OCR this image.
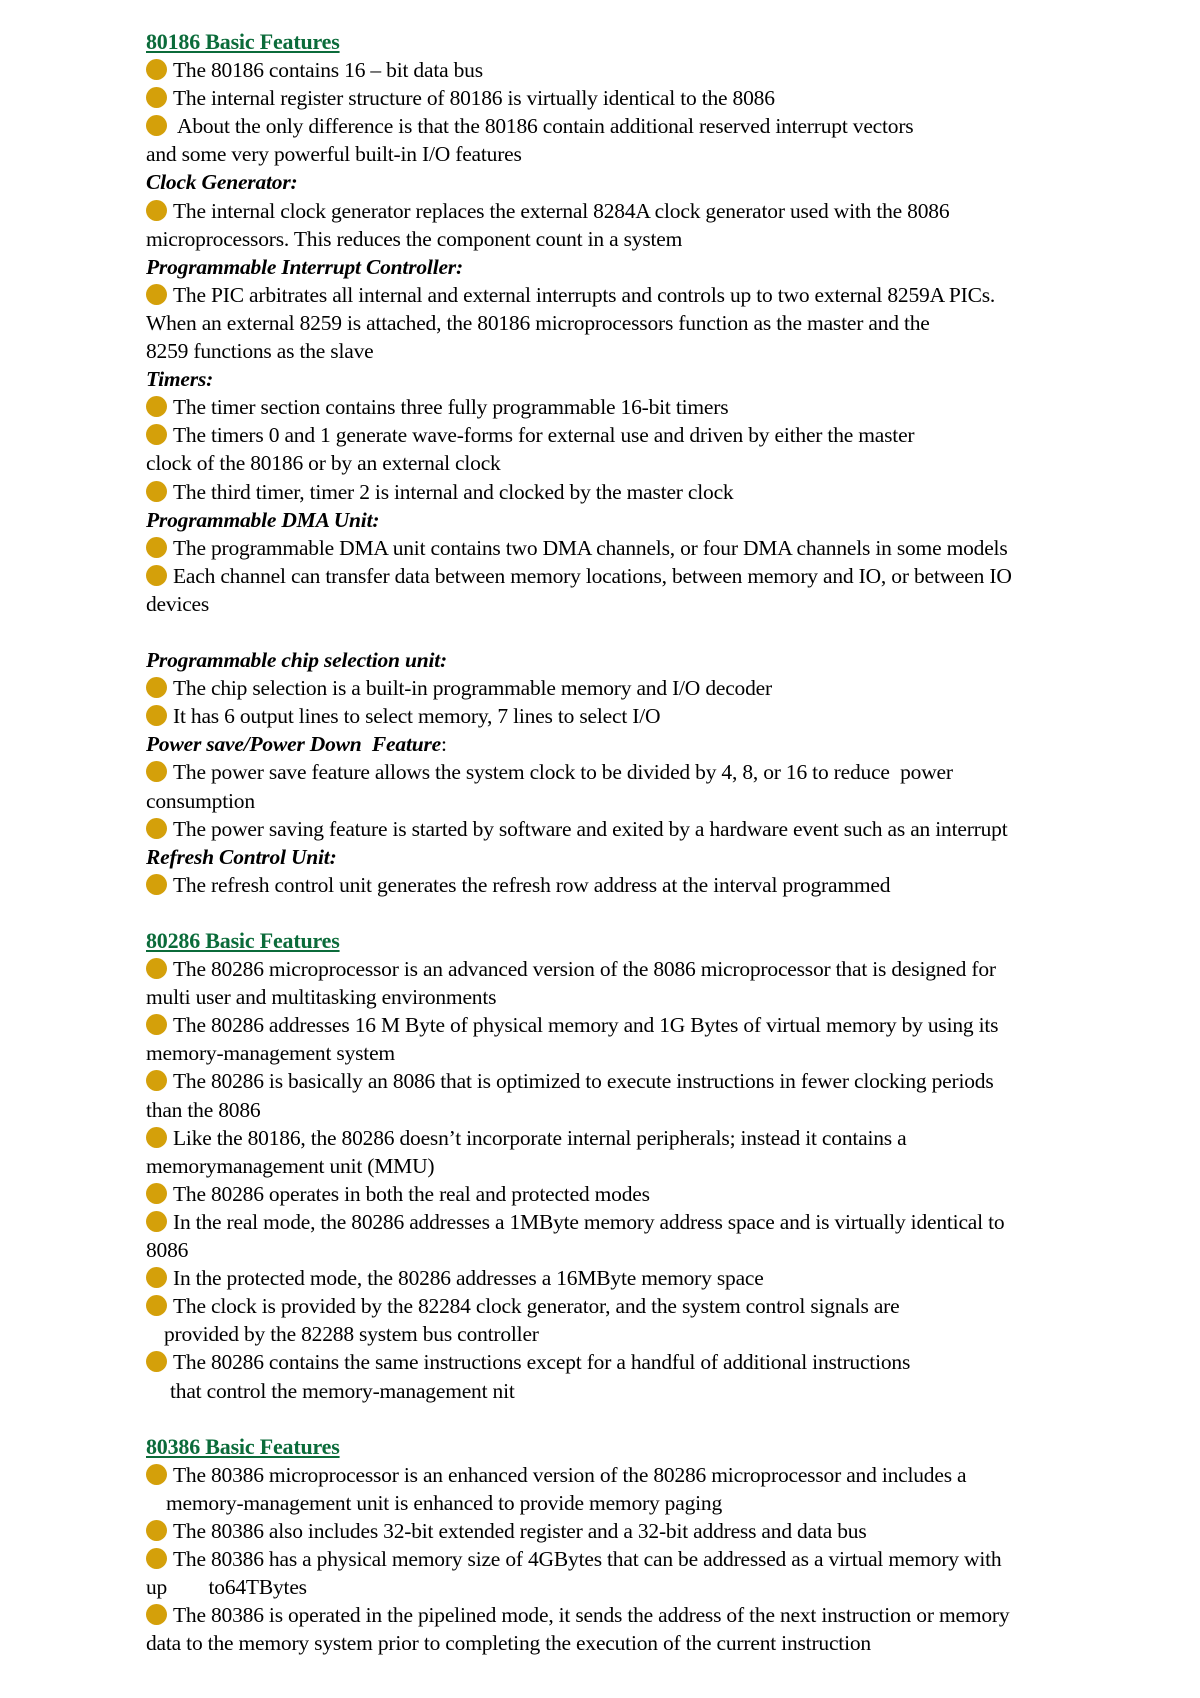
80186 Basic Features
The 80186 contains 16 – bit data bus
The internal register structure of 80186 is virtually identical to the 8086
About the only difference is that the 80186 contain additional reserved interrupt vectors
and some very powerful built-in I/O features
Clock Generator:
The internal clock generator replaces the external 8284A clock generator used with the 8086
microprocessors. This reduces the component count in a system
Programmable Interrupt Controller:
The PIC arbitrates all internal and external interrupts and controls up to two external 8259A PICs.
When an external 8259 is attached, the 80186 microprocessors function as the master and the
8259 functions as the slave
Timers:
The timer section contains three fully programmable 16-bit timers
The timers 0 and 1 generate wave-forms for external use and driven by either the master
clock of the 80186 or by an external clock
The third timer, timer 2 is internal and clocked by the master clock
Programmable DMA Unit:
The programmable DMA unit contains two DMA channels, or four DMA channels in some models
Each channel can transfer data between memory locations, between memory and IO, or between IO
devices
Programmable chip selection unit:
The chip selection is a built-in programmable memory and I/O decoder
It has 6 output lines to select memory, 7 lines to select I/O
Power save/Power Down  Feature:
The power save feature allows the system clock to be divided by 4, 8, or 16 to reduce  power
consumption
The power saving feature is started by software and exited by a hardware event such as an interrupt
Refresh Control Unit:
The refresh control unit generates the refresh row address at the interval programmed
80286 Basic Features
The 80286 microprocessor is an advanced version of the 8086 microprocessor that is designed for
multi user and multitasking environments
The 80286 addresses 16 M Byte of physical memory and 1G Bytes of virtual memory by using its
memory-management system
The 80286 is basically an 8086 that is optimized to execute instructions in fewer clocking periods
than the 8086
Like the 80186, the 80286 doesn’t incorporate internal peripherals; instead it contains a
memorymanagement unit (MMU)
The 80286 operates in both the real and protected modes
In the real mode, the 80286 addresses a 1MByte memory address space and is virtually identical to
8086
In the protected mode, the 80286 addresses a 16MByte memory space
The clock is provided by the 82284 clock generator, and the system control signals are
provided by the 82288 system bus controller
The 80286 contains the same instructions except for a handful of additional instructions
that control the memory-management nit
80386 Basic Features
The 80386 microprocessor is an enhanced version of the 80286 microprocessor and includes a
memory-management unit is enhanced to provide memory paging
The 80386 also includes 32-bit extended register and a 32-bit address and data bus
The 80386 has a physical memory size of 4GBytes that can be addressed as a virtual memory with
up        to64TBytes
The 80386 is operated in the pipelined mode, it sends the address of the next instruction or memory
data to the memory system prior to completing the execution of the current instruction
